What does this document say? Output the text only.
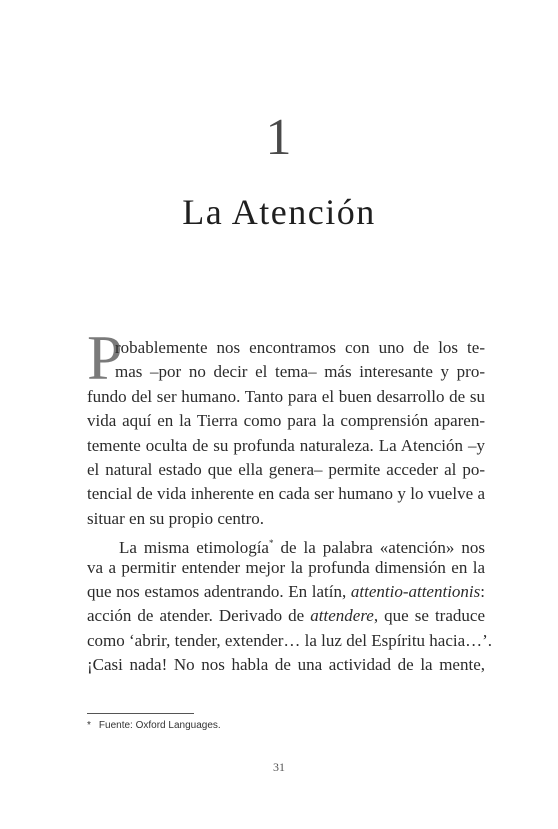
1
La Atención
P
robablemente nos encontramos con uno de los te-
mas –por no decir el tema– más interesante y pro-
fundo del ser humano. Tanto para el buen desarrollo de su
vida aquí en la Tierra como para la comprensión aparen-
temente oculta de su profunda naturaleza. La Atención –y
el natural estado que ella genera– permite acceder al po-
tencial de vida inherente en cada ser humano y lo vuelve a
situar en su propio centro.
La misma etimología* de la palabra «atención» nos
va a permitir entender mejor la profunda dimensión en la
que nos estamos adentrando. En latín, attentio-attentionis:
acción de atender. Derivado de attendere, que se traduce
como ‘abrir, tender, extender… la luz del Espíritu hacia…’.
¡Casi nada! No nos habla de una actividad de la mente,
* Fuente: Oxford Languages.
31
